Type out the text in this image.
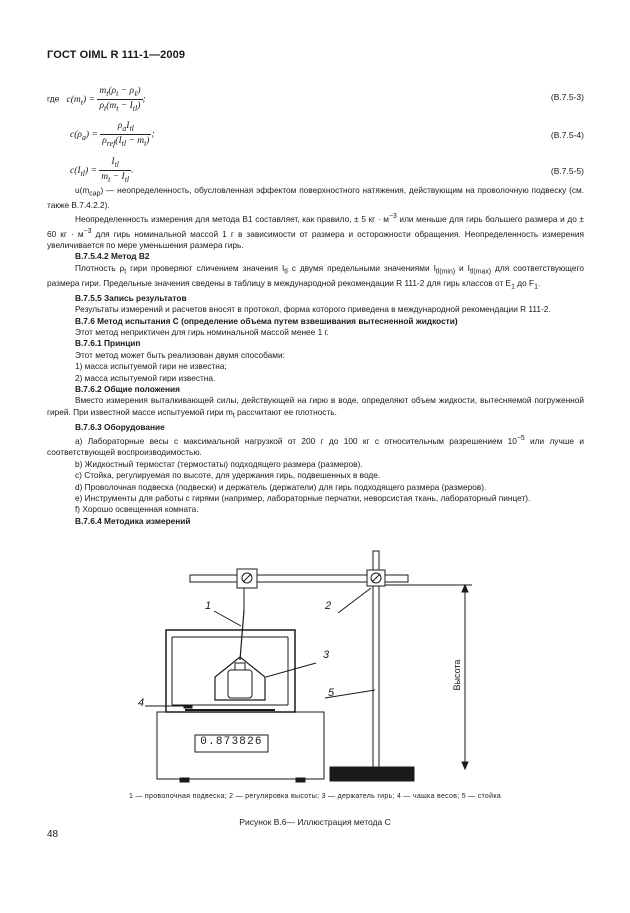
ГОСТ OIML R 111-1—2009
где $c(m_t) = \frac{m_t(\rho_t - \rho_\ell)}{\rho_t(m_t - I_{tl})}$ ;	(B.7.5-3)
$c(\rho_a) = \frac{\rho_aI_{tl}}{\rho_{ref}(I_{tl} - m_t)}$ ;	(B.7.5-4)
$c(I_{tl}) = \frac{I_{tl}}{m_t - I_{tl}}$ .	(B.7.5-5)

$u(m_{cap})$ — неопределенность, обусловленная эффектом поверхностного натяжения, действующим на проволочную подвеску (см. также B.7.4.2.2).

Неопределенность измерения для метода B1 составляет, как правило, ± 5 кг · $м^{-3}$ или меньше для гирь большего размера и до ± 60 кг · $м^{-3}$ для гирь номинальной массой 1 г в зависимости от размера и осторожности обращения. Неопределенность измерения увеличивается по мере уменьшения размера гирь.

B.7.5.4.2 Метод B2

Плотность $\rho_t$ гири проверяют сличением значения $I_{tl}$ с двумя предельными значениями $I_{tl(min)}$ и $I_{tl(max)}$ для соответствующего размера гири. Предельные значения сведены в таблицу в международной рекомендации R 111-2 для гирь классов от $E_1$ до $F_1$.

B.7.5.5 Запись результатов

Результаты измерений и расчетов вносят в протокол, форма которого приведена в международной рекомендации R 111-2.

B.7.6 Метод испытания C (определение объема путем взвешивания вытесненной жидкости)

Этот метод неприктичен для гирь номинальной массой менее 1 г.

B.7.6.1 Принцип

Этот метод может быть реализован двумя способами:

1) масса испытуемой гири не известна;

2) масса испытуемой гири известна.

B.7.6.2 Общие положения

Вместо измерения выталкивающей силы, действующей на гирю в воде, определяют объем жидкости, вытесняемой погруженной гирей. При известной массе испытуемой гири $m_t$ рассчитают ее плотность.

B.7.6.3 Оборудование

a) Лабораторные весы с максимальной нагрузкой от 200 г до 100 кг с относительным разрешением $10^{-5}$ или лучше и соответствующей воспроизводимостью.

b) Жидкостный термостат (термостаты) подходящего размера (размеров).

c) Стойка, регулируемая по высоте, для удержания гирь, подвешенных в воде.

d) Проволочная подвеска (подвески) и держатель (держатели) для гирь подходящего размера (размеров).

e) Инструменты для работы с гирями (например, лабораторные перчатки, неворсистая ткань, лабораторный пинцет).

f) Хорошо освещенная комната.

B.7.6.4 Методика измерений

0.873826
1	2
3
4
5
Высота
1 — проволочная подвеска; 2 — регулировка высоты; 3 — держатель гирь; 4 — чашка весов; 5 — стойка
Рисунок B.6— Иллюстрация метода C
48
